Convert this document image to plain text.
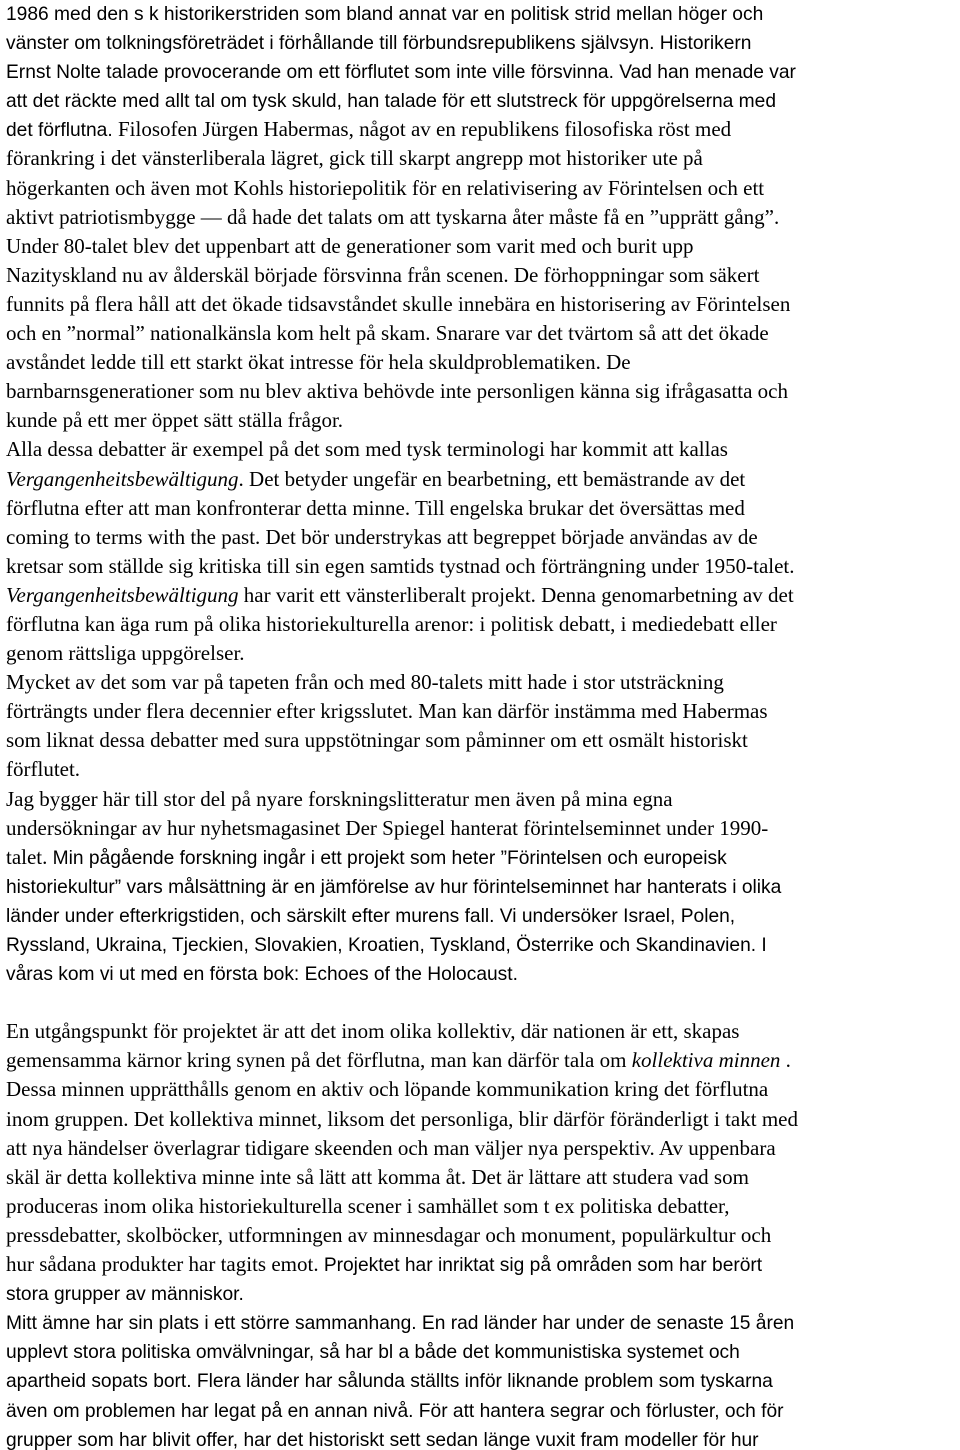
1986 med den s k historikerstriden som bland annat var en politisk strid mellan höger och
vänster om tolkningsföreträdet i förhållande till förbundsrepublikens självsyn. Historikern
Ernst Nolte talade provocerande om ett förflutet som inte ville försvinna. Vad han menade var
att det räckte med allt tal om tysk skuld, han talade för ett slutstreck för uppgörelserna med
det förflutna. Filosofen Jürgen Habermas, något av en republikens filosofiska röst med
förankring i det vänsterliberala lägret, gick till skarpt angrepp mot historiker ute på
högerkanten och även mot Kohls historiepolitik för en relativisering av Förintelsen och ett
aktivt patriotismbygge — då hade det talats om att tyskarna åter måste få en ”upprätt gång”.
Under 80-talet blev det uppenbart att de generationer som varit med och burit upp
Nazityskland nu av ålderskäl började försvinna från scenen. De förhoppningar som säkert
funnits på flera håll att det ökade tidsavståndet skulle innebära en historisering av Förintelsen
och en ”normal” nationalkänsla kom helt på skam. Snarare var det tvärtom så att det ökade
avståndet ledde till ett starkt ökat intresse för hela skuldproblematiken. De
barnbarnsgenerationer som nu blev aktiva behövde inte personligen känna sig ifrågasatta och
kunde på ett mer öppet sätt ställa frågor.
Alla dessa debatter är exempel på det som med tysk terminologi har kommit att kallas
Vergangenheitsbewältigung. Det betyder ungefär en bearbetning, ett bemästrande av det
förflutna efter att man konfronterar detta minne. Till engelska brukar det översättas med
coming to terms with the past. Det bör understrykas att begreppet började användas av de
kretsar som ställde sig kritiska till sin egen samtids tystnad och förträngning under 1950-talet.
Vergangenheitsbewältigung har varit ett vänsterliberalt projekt. Denna genomarbetning av det
förflutna kan äga rum på olika historiekulturella arenor: i politisk debatt, i mediedebatt eller
genom rättsliga uppgörelser.
Mycket av det som var på tapeten från och med 80-talets mitt hade i stor utsträckning
förträngts under flera decennier efter krigsslutet. Man kan därför instämma med Habermas
som liknat dessa debatter med sura uppstötningar som påminner om ett osmält historiskt
förflutet.
Jag bygger här till stor del på nyare forskningslitteratur men även på mina egna
undersökningar av hur nyhetsmagasinet Der Spiegel hanterat förintelseminnet under 1990-
talet. Min pågående forskning ingår i ett projekt som heter ”Förintelsen och europeisk
historiekultur” vars målsättning är en jämförelse av hur förintelseminnet har hanterats i olika
länder under efterkrigstiden, och särskilt efter murens fall. Vi undersöker Israel, Polen,
Ryssland, Ukraina, Tjeckien, Slovakien, Kroatien, Tyskland, Österrike och Skandinavien. I
våras kom vi ut med en första bok: Echoes of the Holocaust.
En utgångspunkt för projektet är att det inom olika kollektiv, där nationen är ett, skapas
gemensamma kärnor kring synen på det förflutna, man kan därför tala om kollektiva minnen .
Dessa minnen upprätthålls genom en aktiv och löpande kommunikation kring det förflutna
inom gruppen. Det kollektiva minnet, liksom det personliga, blir därför föränderligt i takt med
att nya händelser överlagrar tidigare skeenden och man väljer nya perspektiv. Av uppenbara
skäl är detta kollektiva minne inte så lätt att komma åt. Det är lättare att studera vad som
produceras inom olika historiekulturella scener i samhället som t ex politiska debatter,
pressdebatter, skolböcker, utformningen av minnesdagar och monument, populärkultur och
hur sådana produkter har tagits emot. Projektet har inriktat sig på områden som har berört
stora grupper av människor.
Mitt ämne har sin plats i ett större sammanhang. En rad länder har under de senaste 15 åren
upplevt stora politiska omvälvningar, så har bl a både det kommunistiska systemet och
apartheid sopats bort. Flera länder har sålunda ställts inför liknande problem som tyskarna
även om problemen har legat på en annan nivå. För att hantera segrar och förluster, och för
grupper som har blivit offer, har det historiskt sett sedan länge vuxit fram modeller för hur
